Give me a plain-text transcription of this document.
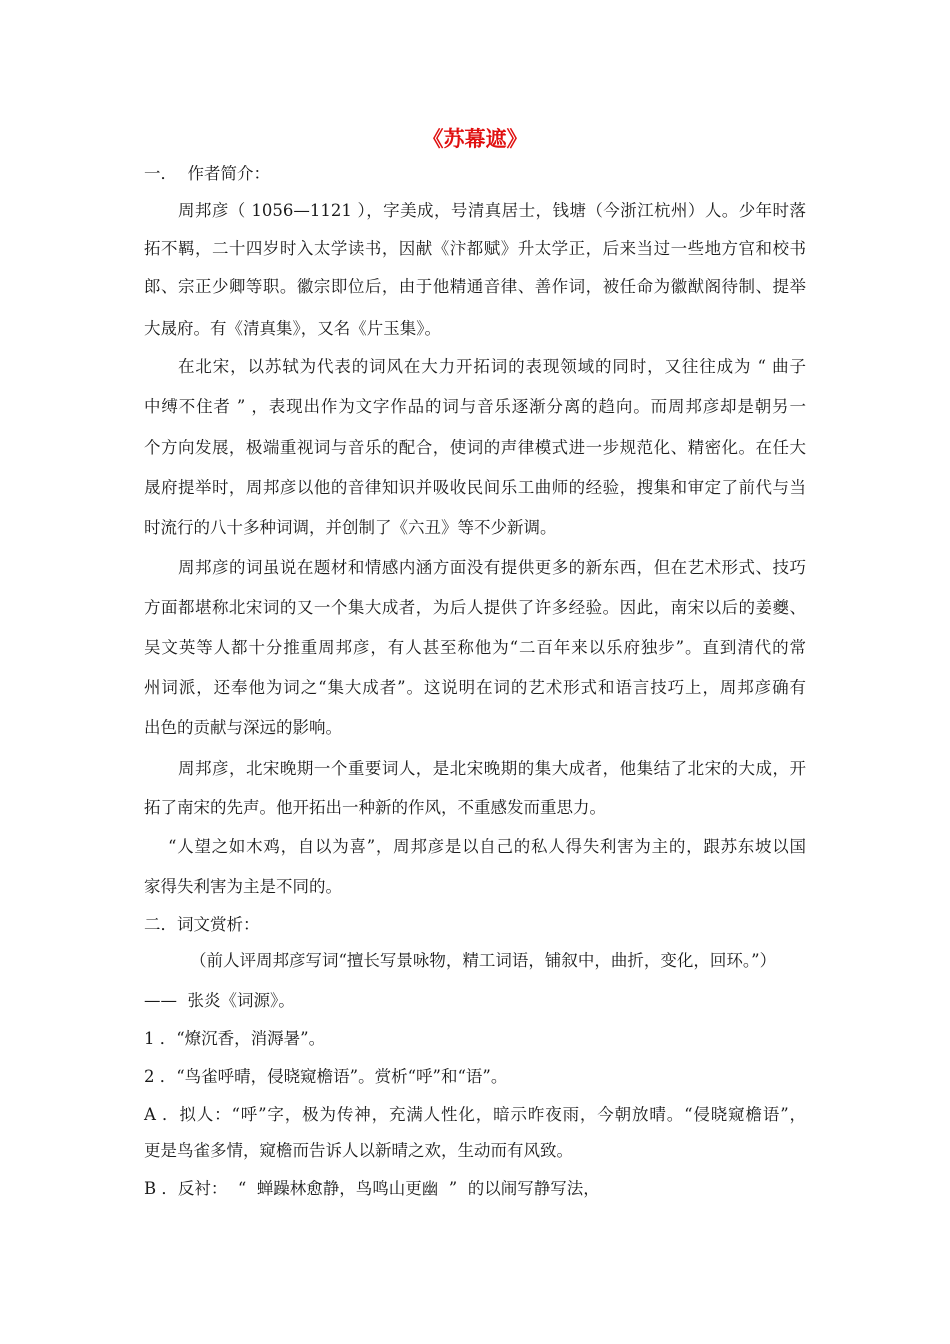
《苏幕遮》

一．  作者简介：

周邦彦（ 1056—1121 ），字美成，号清真居士，钱塘（今浙江杭州）人。少年时落

拓不羁，二十四岁时入太学读书，因献《汴都赋》升太学正，后来当过一些地方官和校书

郎、宗正少卿等职。徽宗即位后，由于他精通音律、善作词，被任命为徽猷阁待制、提举

大晟府。有《清真集》，又名《片玉集》。

在北宋，以苏轼为代表的词风在大力开拓词的表现领域的同时，又往往成为 “ 曲子

中缚不住者 ” ，表现出作为文字作品的词与音乐逐渐分离的趋向。而周邦彦却是朝另一

个方向发展，极端重视词与音乐的配合，使词的声律模式进一步规范化、精密化。在任大

晟府提举时，周邦彦以他的音律知识并吸收民间乐工曲师的经验，搜集和审定了前代与当

时流行的八十多种词调，并创制了《六丑》等不少新调。

周邦彦的词虽说在题材和情感内涵方面没有提供更多的新东西，但在艺术形式、技巧

方面都堪称北宋词的又一个集大成者，为后人提供了许多经验。因此，南宋以后的姜夔、

吴文英等人都十分推重周邦彦，有人甚至称他为“二百年来以乐府独步”。直到清代的常

州词派，还奉他为词之“集大成者”。这说明在词的艺术形式和语言技巧上，周邦彦确有

出色的贡献与深远的影响。

周邦彦，北宋晚期一个重要词人，是北宋晚期的集大成者，他集结了北宋的大成，开

拓了南宋的先声。他开拓出一种新的作风，不重感发而重思力。

“人望之如木鸡，自以为喜”，周邦彦是以自己的私人得失利害为主的，跟苏东坡以国

家得失利害为主是不同的。

二．词文赏析：

（前人评周邦彦写词“擅长写景咏物，精工词语，铺叙中，曲折，变化，回环。”）

——  张炎《词源》。

1 ．“燎沉香，消溽暑”。

2 ．“鸟雀呼晴，侵晓窥檐语”。赏析“呼”和“语”。

A ．拟人：“呼”字，极为传神，充满人性化，暗示昨夜雨，今朝放晴。“侵晓窥檐语”，

更是鸟雀多情，窥檐而告诉人以新晴之欢，生动而有风致。

B ．反衬：  “  蝉躁林愈静，鸟鸣山更幽  ”  的以闹写静写法，
